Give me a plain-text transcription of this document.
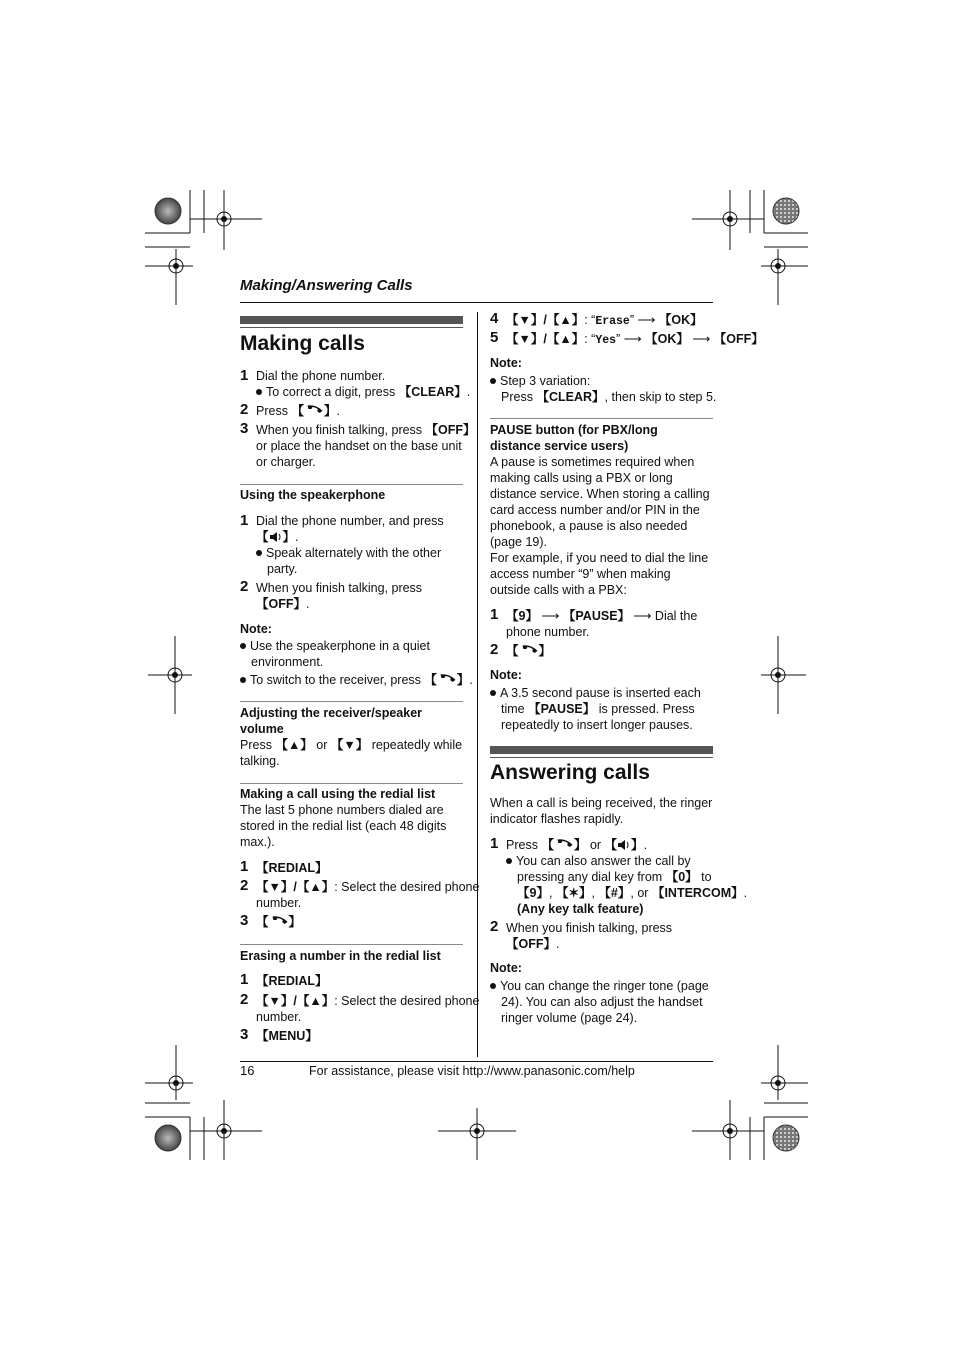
Making/Answering Calls
Making calls
1 Dial the phone number.
To correct a digit, press 【CLEAR】.
2 Press 【 】.
3 When you finish talking, press 【OFF】
or place the handset on the base unit
or charger.
Using the speakerphone
1 Dial the phone number, and press
【 】.
Speak alternately with the other
party.
2 When you finish talking, press
【OFF】.
Note:
Use the speakerphone in a quiet
environment.
To switch to the receiver, press 【 】.
Adjusting the receiver/speaker
volume
Press 【▲】 or 【▼】 repeatedly while
talking.
Making a call using the redial list
The last 5 phone numbers dialed are
stored in the redial list (each 48 digits
max.).
1 【REDIAL】
2 【▼】/【▲】: Select the desired phone
number.
3 【 】
Erasing a number in the redial list
1 【REDIAL】
2 【▼】/【▲】: Select the desired phone
number.
3 【MENU】
4 【▼】/【▲】: “Erase” ⟶ 【OK】
5 【▼】/【▲】: “Yes” ⟶ 【OK】 ⟶ 【OFF】
Note:
Step 3 variation:
Press 【CLEAR】, then skip to step 5.
PAUSE button (for PBX/long
distance service users)
A pause is sometimes required when
making calls using a PBX or long
distance service. When storing a calling
card access number and/or PIN in the
phonebook, a pause is also needed
(page 19).
For example, if you need to dial the line
access number “9” when making
outside calls with a PBX:
1 【9】 ⟶ 【PAUSE】 ⟶ Dial the
phone number.
2 【 】
Note:
A 3.5 second pause is inserted each
time 【PAUSE】 is pressed. Press
repeatedly to insert longer pauses.
Answering calls
When a call is being received, the ringer
indicator flashes rapidly.
1 Press 【 】 or 【 】.
You can also answer the call by
pressing any dial key from 【0】 to
【9】, 【✶】, 【#】, or 【INTERCOM】.
(Any key talk feature)
2 When you finish talking, press
【OFF】.
Note:
You can change the ringer tone (page
24). You can also adjust the handset
ringer volume (page 24).
16	For assistance, please visit http://www.panasonic.com/help
